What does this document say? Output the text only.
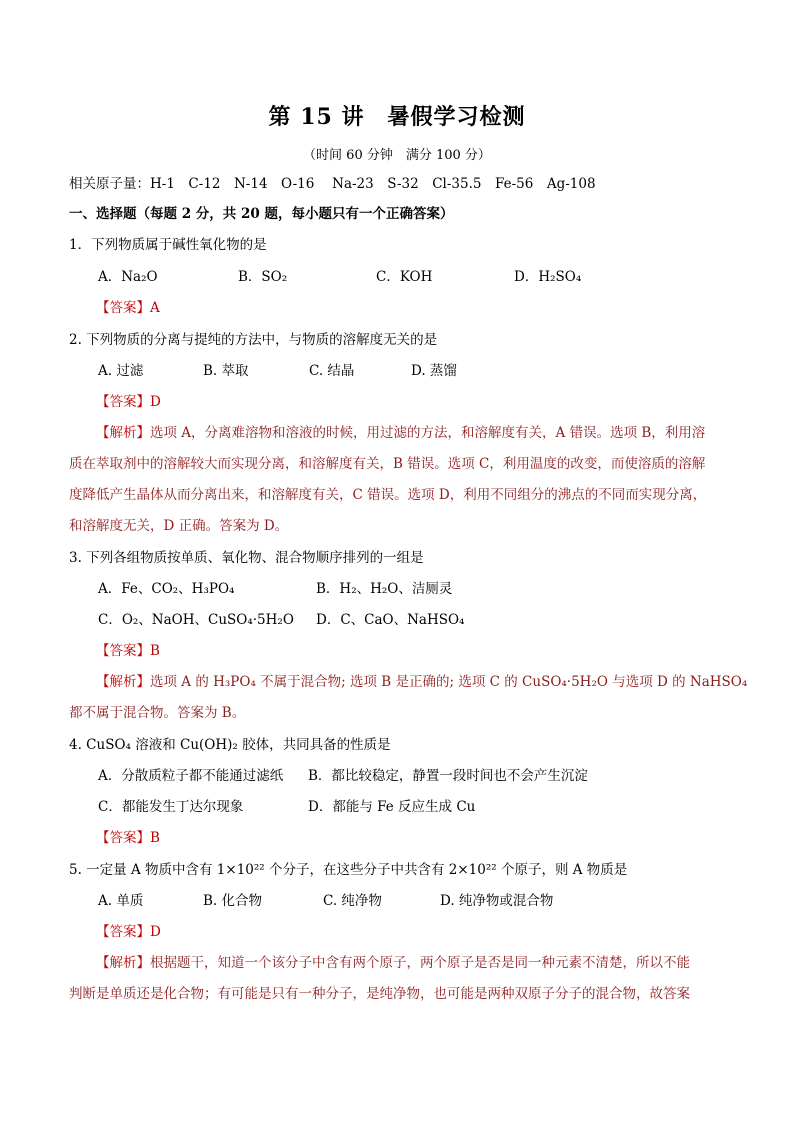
第 15 讲　暑假学习检测
（时间 60 分钟　满分 100 分）
相关原子量：H-1　C-12　N-14　O-16　 Na-23　S-32　Cl-35.5　Fe-56　Ag-108
一、选择题（每题 2 分，共 20 题，每小题只有一个正确答案）
1．下列物质属于碱性氧化物的是
A．Na₂O	B．SO₂	C．KOH	D．H₂SO₄
【答案】A
2. 下列物质的分离与提纯的方法中，与物质的溶解度无关的是
A. 过滤	B. 萃取	C. 结晶	D. 蒸馏
【答案】D
【解析】选项 A，分离难溶物和溶液的时候，用过滤的方法，和溶解度有关，A 错误。选项 B，利用溶
质在萃取剂中的溶解较大而实现分离，和溶解度有关，B 错误。选项 C，利用温度的改变，而使溶质的溶解
度降低产生晶体从而分离出来，和溶解度有关，C 错误。选项 D，利用不同组分的沸点的不同而实现分离，
和溶解度无关，D 正确。答案为 D。
3. 下列各组物质按单质、氧化物、混合物顺序排列的一组是
A．Fe、CO₂、H₃PO₄	B．H₂、H₂O、洁厕灵
C．O₂、NaOH、CuSO₄·5H₂O D．C、CaO、NaHSO₄
【答案】B
【解析】选项 A 的 H₃PO₄ 不属于混合物; 选项 B 是正确的; 选项 C 的 CuSO₄·5H₂O 与选项 D 的 NaHSO₄
都不属于混合物。答案为 B。
4. CuSO₄ 溶液和 Cu(OH)₂ 胶体，共同具备的性质是
A．分散质粒子都不能通过滤纸 B．都比较稳定，静置一段时间也不会产生沉淀
C．都能发生丁达尔现象	D．都能与 Fe 反应生成 Cu
【答案】B
5. 一定量 A 物质中含有 1×10²² 个分子，在这些分子中共含有 2×10²² 个原子，则 A 物质是
A. 单质	B. 化合物	C. 纯净物	D. 纯净物或混合物
【答案】D
【解析】根据题干，知道一个该分子中含有两个原子，两个原子是否是同一种元素不清楚，所以不能
判断是单质还是化合物；有可能是只有一种分子，是纯净物，也可能是两种双原子分子的混合物，故答案
